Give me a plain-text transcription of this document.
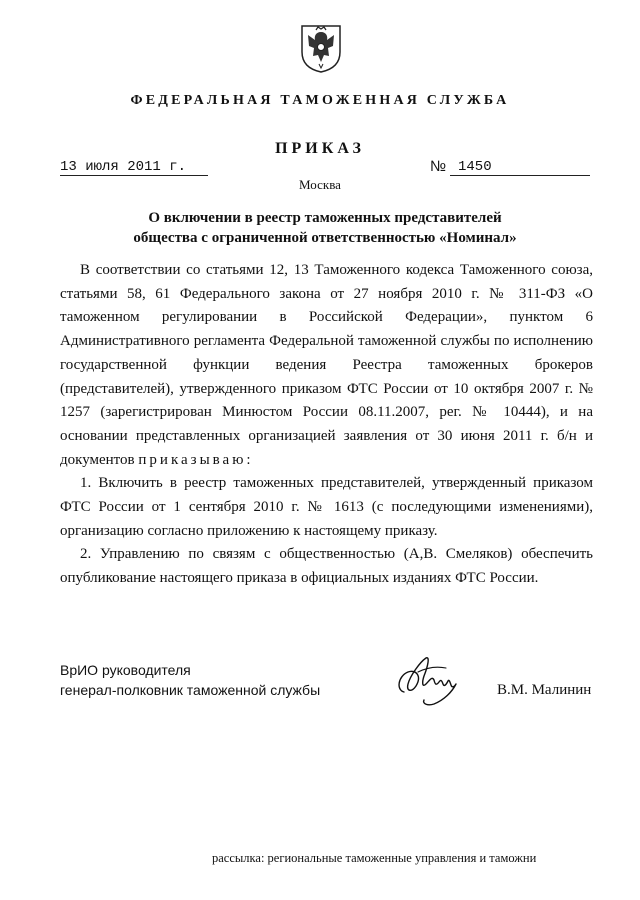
ФЕДЕРАЛЬНАЯ ТАМОЖЕННАЯ СЛУЖБА
ПРИКАЗ
13 июля 2011 г.	№ 1450
Москва
О включении в реестр таможенных представителей
общества с ограниченной ответственностью «Номинал»

В соответствии со статьями 12, 13 Таможенного кодекса Таможенного союза, статьями 58, 61 Федерального закона от 27 ноября 2010 г. № 311-ФЗ «О таможенном регулировании в Российской Федерации», пунктом 6 Административного регламента Федеральной таможенной службы по исполнению государственной функции ведения Реестра таможенных брокеров (представителей), утвержденного приказом ФТС России от 10 октября 2007 г. № 1257 (зарегистрирован Минюстом России 08.11.2007, рег. № 10444), и на основании представленных организацией заявления от 30 июня 2011 г. б/н и документов приказываю:

1. Включить в реестр таможенных представителей, утвержденный приказом ФТС России от 1 сентября 2010 г. № 1613 (с последующими изменениями), организацию согласно приложению к настоящему приказу.

2. Управлению по связям с общественностью (А,В. Смеляков) обеспечить опубликование настоящего приказа в официальных изданиях ФТС России.

ВрИО руководителя
генерал-полковник таможенной службы	В.М. Малинин
рассылка: региональные таможенные управления и таможни
